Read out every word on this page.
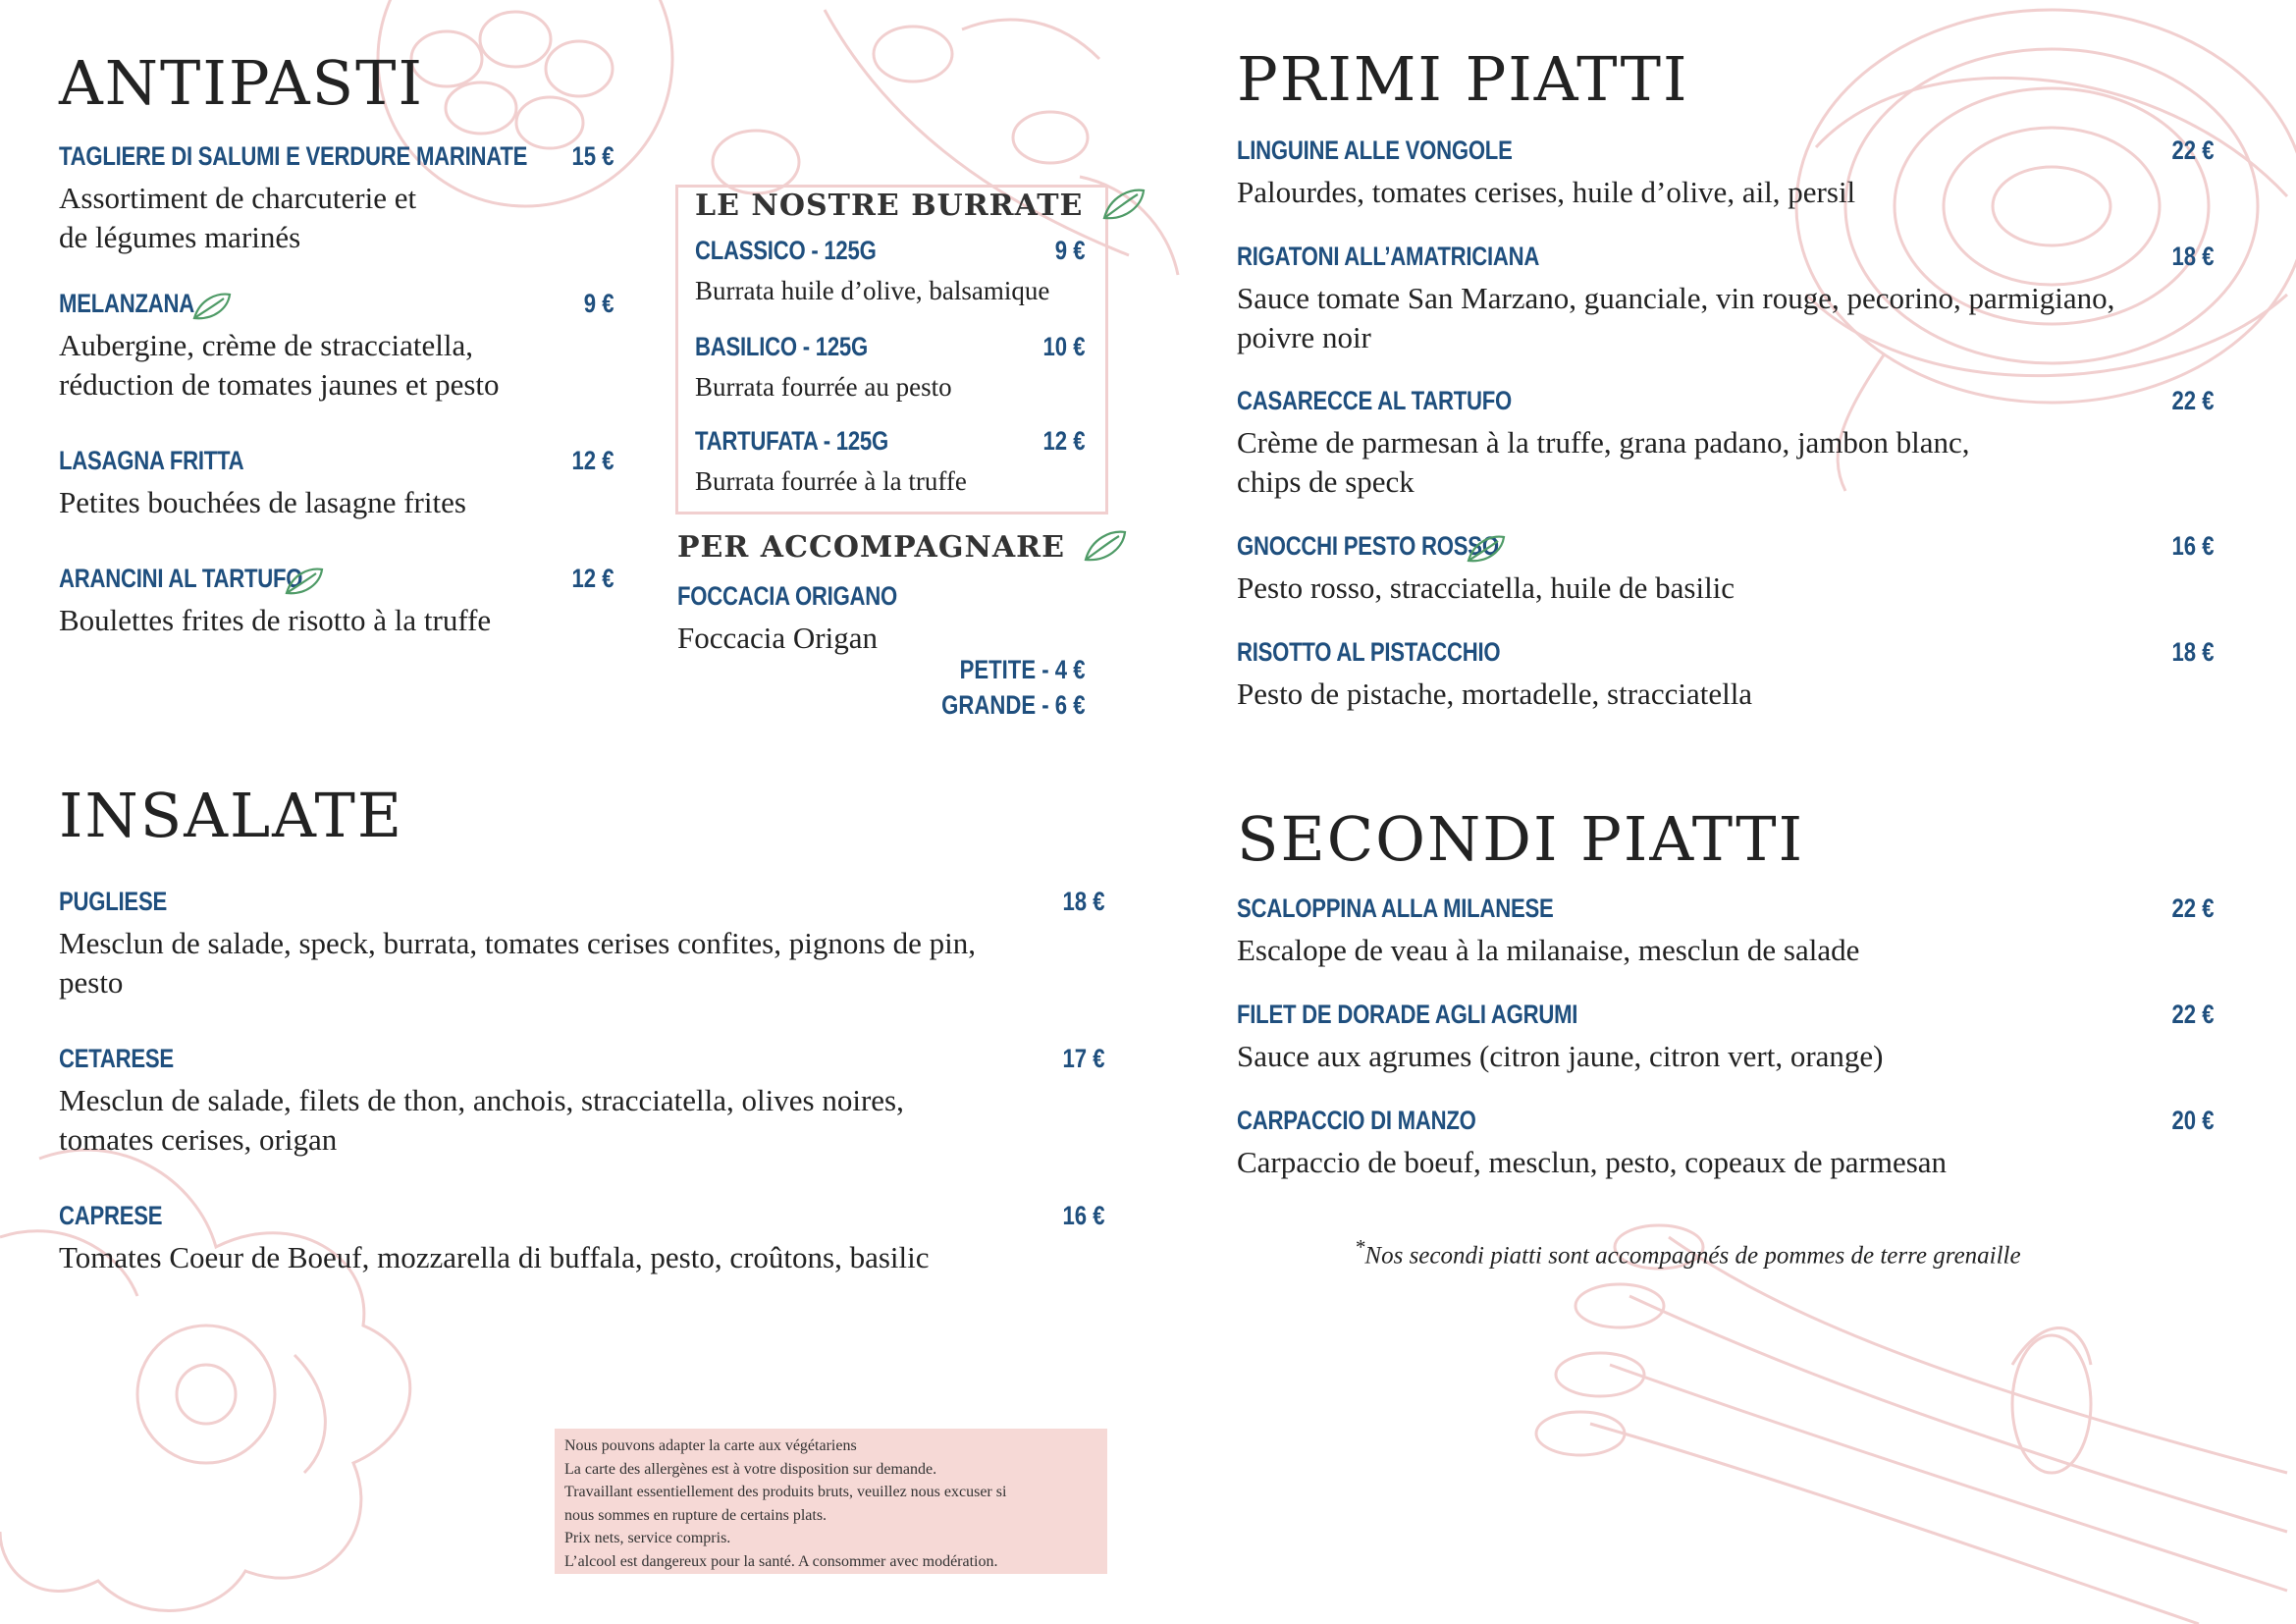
ANTIPASTI
TAGLIERE DI SALUMI E VERDURE MARINATE 15 €
Assortiment de charcuterie et
de légumes marinés
MELANZANA	9 €
Aubergine, crème de stracciatella,
réduction de tomates jaunes et pesto
LASAGNA FRITTA	12 €
Petites bouchées de lasagne frites
ARANCINI AL TARTUFO	12 €
Boulettes frites de risotto à la truffe
LE NOSTRE BURRATE
CLASSICO - 125G	9 €
Burrata huile d’olive, balsamique
BASILICO - 125G	10 €
Burrata fourrée au pesto
TARTUFATA - 125G	12 €
Burrata fourrée à la truffe
PER ACCOMPAGNARE
FOCCACIA ORIGANO
Foccacia Origan
PETITE - 4 €
GRANDE - 6 €
INSALATE
PUGLIESE	18 €
Mesclun de salade, speck, burrata, tomates cerises confites, pignons de pin,
pesto
CETARESE	17 €
Mesclun de salade, filets de thon, anchois, stracciatella, olives noires,
tomates cerises, origan
CAPRESE	16 €
Tomates Coeur de Boeuf, mozzarella di buffala, pesto, croûtons, basilic
PRIMI PIATTI
LINGUINE ALLE VONGOLE	22 €
Palourdes, tomates cerises, huile d’olive, ail, persil
RIGATONI ALL’AMATRICIANA	18 €
Sauce tomate San Marzano, guanciale, vin rouge, pecorino, parmigiano,
poivre noir
CASARECCE AL TARTUFO	22 €
Crème de parmesan à la truffe, grana padano, jambon blanc,
chips de speck
GNOCCHI PESTO ROSSO	16 €
Pesto rosso, stracciatella, huile de basilic
RISOTTO AL PISTACCHIO	18 €
Pesto de pistache, mortadelle, stracciatella
SECONDI PIATTI
SCALOPPINA ALLA MILANESE	22 €
Escalope de veau à la milanaise, mesclun de salade
FILET DE DORADE AGLI AGRUMI	22 €
Sauce aux agrumes (citron jaune, citron vert, orange)
CARPACCIO DI MANZO	20 €
Carpaccio de boeuf, mesclun, pesto, copeaux de parmesan
*Nos secondi piatti sont accompagnés de pommes de terre grenaille
Nous pouvons adapter la carte aux végétariens
La carte des allergènes est à votre disposition sur demande.
Travaillant essentiellement des produits bruts, veuillez nous excuser si
nous sommes en rupture de certains plats.
Prix nets, service compris.
L’alcool est dangereux pour la santé. A consommer avec modération.
